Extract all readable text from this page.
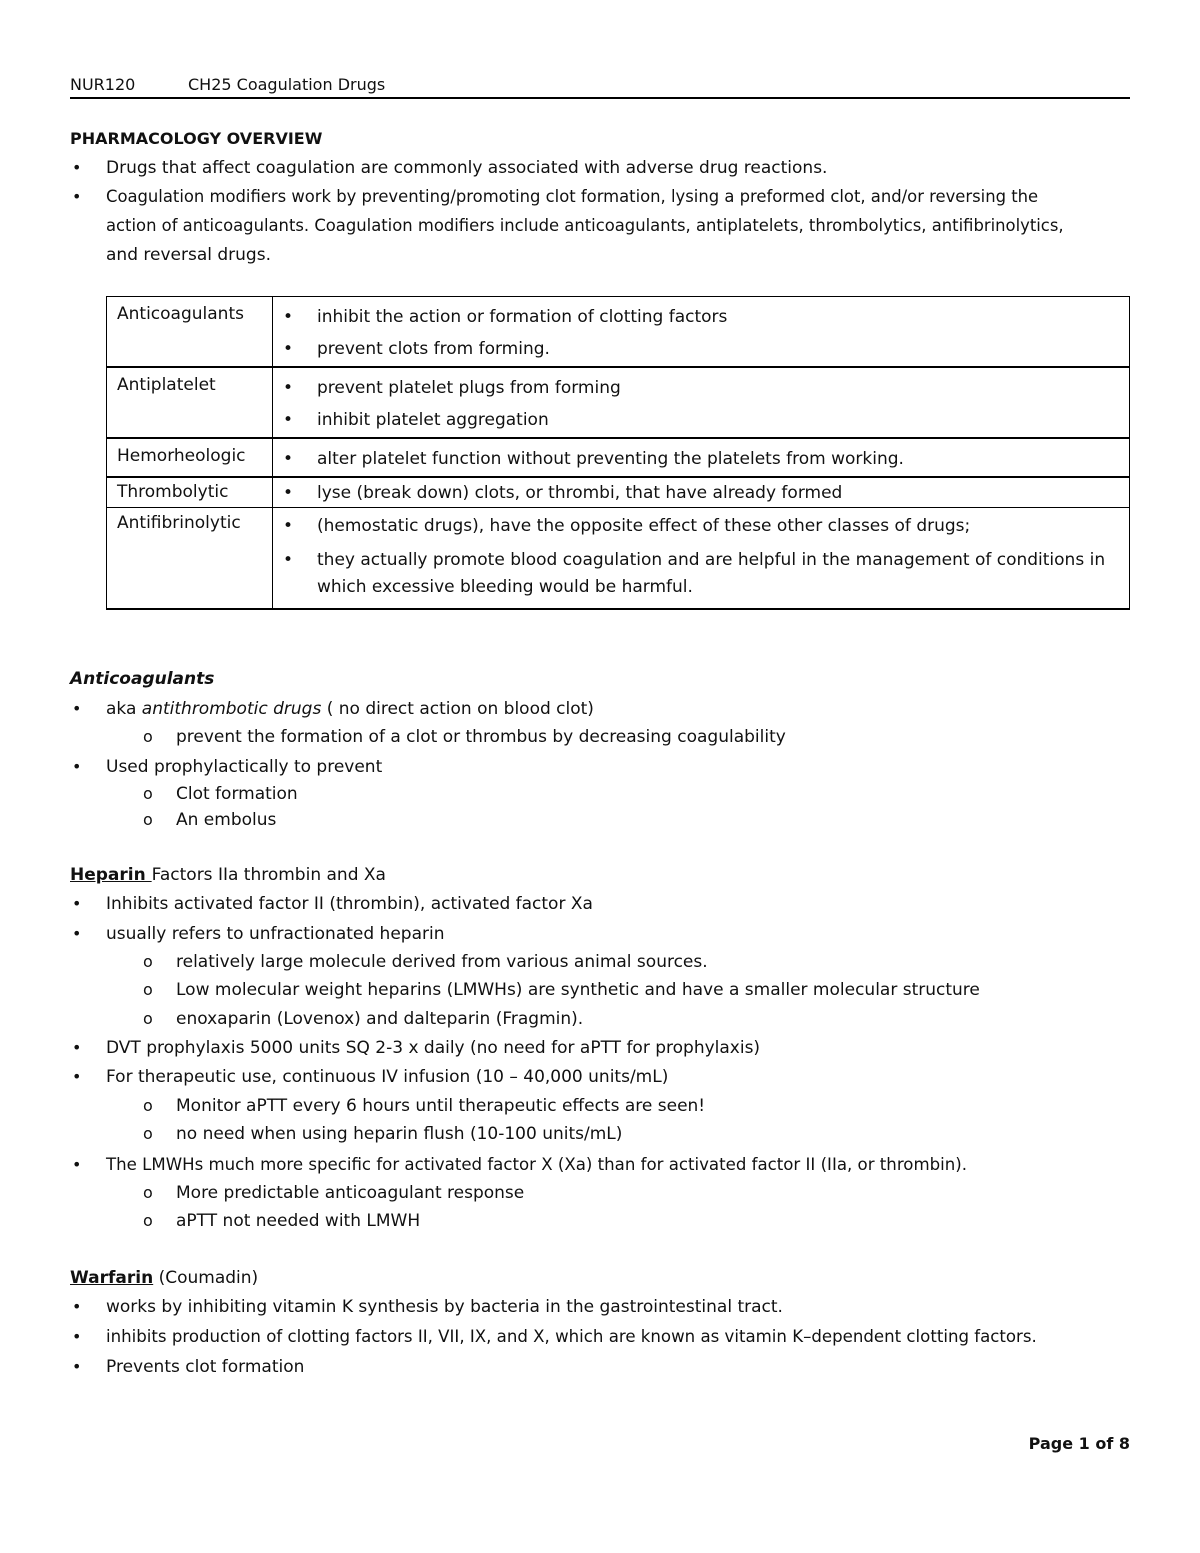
NUR120	CH25 Coagulation Drugs
PHARMACOLOGY OVERVIEW
• Drugs that affect coagulation are commonly associated with adverse drug reactions.
• Coagulation modifiers work by preventing/promoting clot formation, lysing a preformed clot, and/or reversing the
action of anticoagulants. Coagulation modifiers include anticoagulants, antiplatelets, thrombolytics, antifibrinolytics,
and reversal drugs.
Anticoagulants	• inhibit the action or formation of clotting factors
• prevent clots from forming.

Antiplatelet	• prevent platelet plugs from forming
• inhibit platelet aggregation

Hemorheologic	• alter platelet function without preventing the platelets from working.

Thrombolytic	• lyse (break down) clots, or thrombi, that have already formed

Antifibrinolytic	• (hemostatic drugs), have the opposite effect of these other classes of drugs;
• they actually promote blood coagulation and are helpful in the management of conditions in which excessive bleeding would be harmful.
Anticoagulants
• aka antithrombotic drugs ( no direct action on blood clot)
o prevent the formation of a clot or thrombus by decreasing coagulability
• Used prophylactically to prevent
o Clot formation
o An embolus
Heparin Factors IIa thrombin and Xa
• Inhibits activated factor II (thrombin), activated factor Xa
• usually refers to unfractionated heparin
o relatively large molecule derived from various animal sources.
o Low molecular weight heparins (LMWHs) are synthetic and have a smaller molecular structure
o enoxaparin (Lovenox) and dalteparin (Fragmin).
• DVT prophylaxis 5000 units SQ 2-3 x daily (no need for aPTT for prophylaxis)
• For therapeutic use, continuous IV infusion (10 – 40,000 units/mL)
o Monitor aPTT every 6 hours until therapeutic effects are seen!
o no need when using heparin flush (10-100 units/mL)
• The LMWHs much more specific for activated factor X (Xa) than for activated factor II (IIa, or thrombin).
o More predictable anticoagulant response
o aPTT not needed with LMWH
Warfarin (Coumadin)
• works by inhibiting vitamin K synthesis by bacteria in the gastrointestinal tract.
• inhibits production of clotting factors II, VII, IX, and X, which are known as vitamin K–dependent clotting factors.
• Prevents clot formation
Page 1 of 8
